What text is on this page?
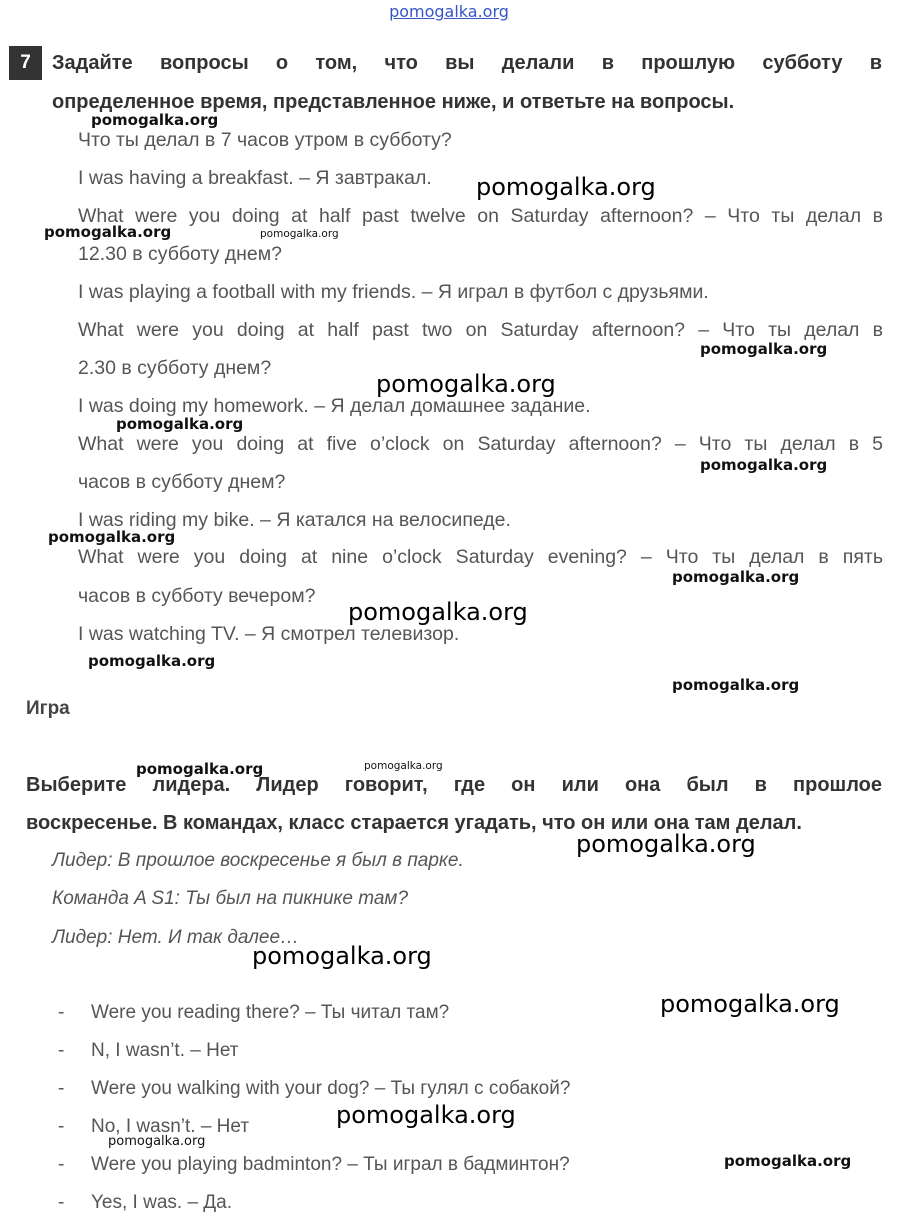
pomogalka.org
7	Задайте вопросы о том, что вы делали в прошлую субботу в
определенное время, представленное ниже, и ответьте на вопросы.
Что ты делал в 7 часов утром в субботу?
I was having a breakfast. – Я завтракал.
What were you doing at half past twelve on Saturday afternoon? – Что ты делал в
12.30 в субботу днем?
I was playing a football with my friends. – Я играл в футбол с друзьями.
What were you doing at half past two on Saturday afternoon? – Что ты делал в
2.30 в субботу днем?
I was doing my homework. – Я делал домашнее задание.
What were you doing at five o’clock on Saturday afternoon? – Что ты делал в 5
часов в субботу днем?
I was riding my bike. – Я катался на велосипеде.
What were you doing at nine o’clock Saturday evening? – Что ты делал в пять
часов в субботу вечером?
I was watching TV. – Я смотрел телевизор.
Игра
Выберите лидера. Лидер говорит, где он или она был в прошлое
воскресенье. В командах, класс старается угадать, что он или она там делал.
Лидер: В прошлое воскресенье я был в парке.
Команда A S1: Ты был на пикнике там?
Лидер: Нет. И так далее…
- Were you reading there? – Ты читал там?
- N, I wasn’t. – Нет
- Were you walking with your dog? – Ты гулял с собакой?
- No, I wasn’t. – Нет
- Were you playing badminton? – Ты играл в бадминтон?
- Yes, I was. – Да.
pomogalka.org
pomogalka.org
pomogalka.org	pomogalka.org
pomogalka.org
pomogalka.org
pomogalka.org
pomogalka.org
pomogalka.org
pomogalka.org
pomogalka.org
pomogalka.org
pomogalka.org
pomogalka.org	pomogalka.org
pomogalka.org
pomogalka.org
pomogalka.org
pomogalka.org
pomogalka.org
pomogalka.org
